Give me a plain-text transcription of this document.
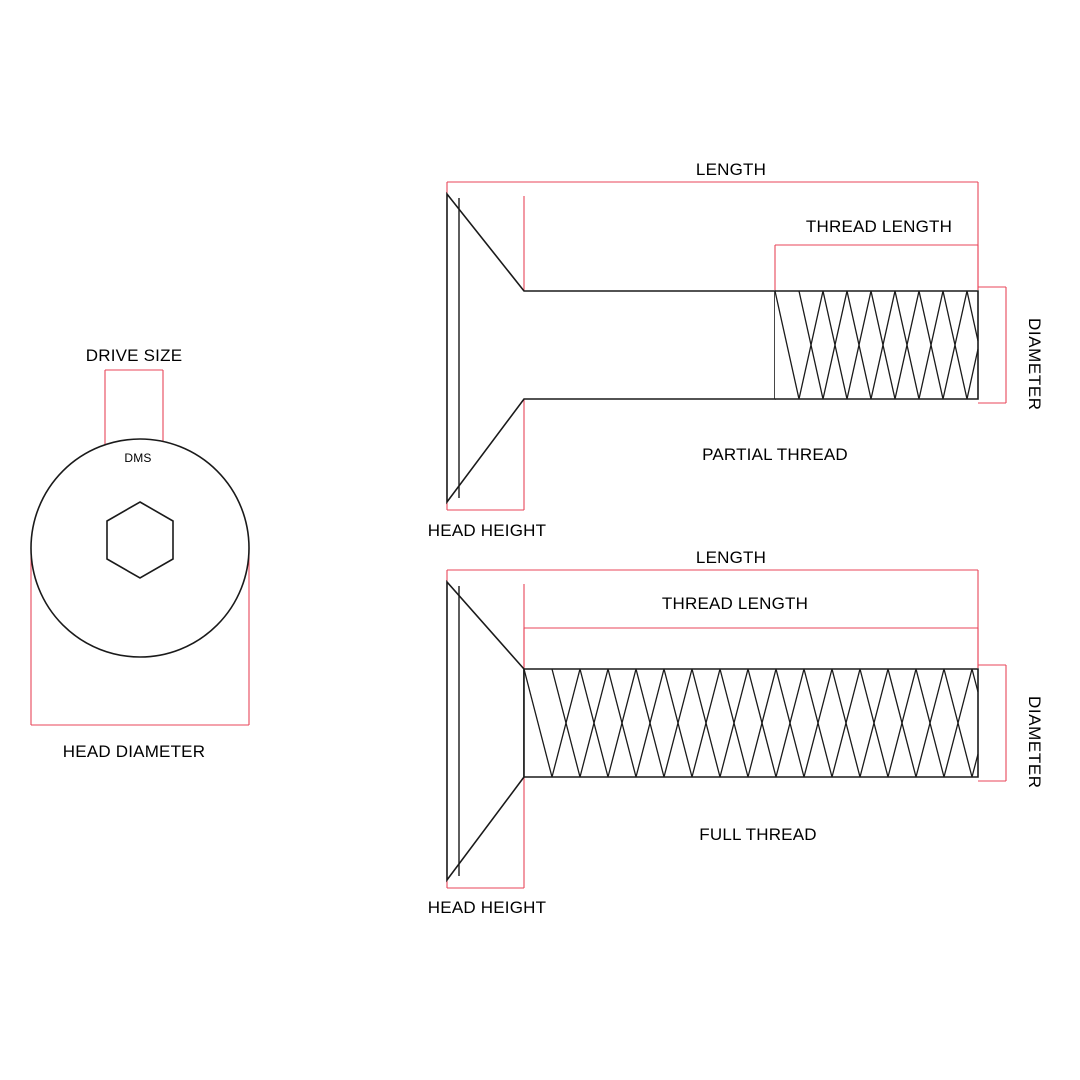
DRIVE SIZE
DMS
HEAD DIAMETER
LENGTH
THREAD LENGTH
DIAMETER
HEAD HEIGHT
PARTIAL THREAD
LENGTH
THREAD LENGTH
DIAMETER
HEAD HEIGHT
FULL THREAD
